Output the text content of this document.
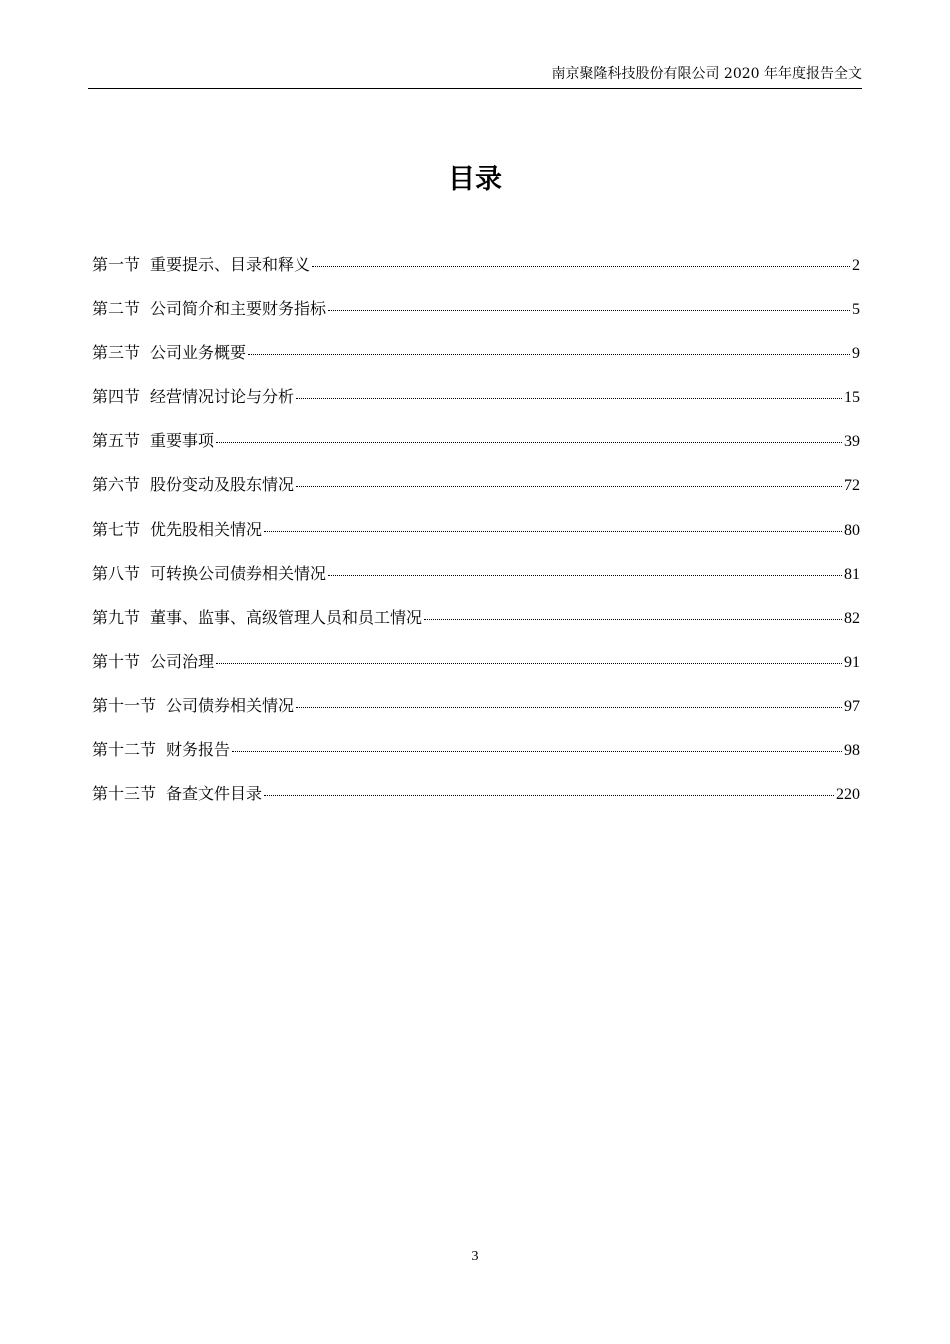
南京聚隆科技股份有限公司 2020 年年度报告全文
目录
第一节 重要提示、目录和释义	2
第二节 公司简介和主要财务指标	5
第三节 公司业务概要	9
第四节 经营情况讨论与分析	15
第五节 重要事项	39
第六节 股份变动及股东情况	72
第七节 优先股相关情况	80
第八节 可转换公司债券相关情况	81
第九节 董事、监事、高级管理人员和员工情况	82
第十节 公司治理	91
第十一节 公司债券相关情况	97
第十二节 财务报告	98
第十三节 备查文件目录	220
3
